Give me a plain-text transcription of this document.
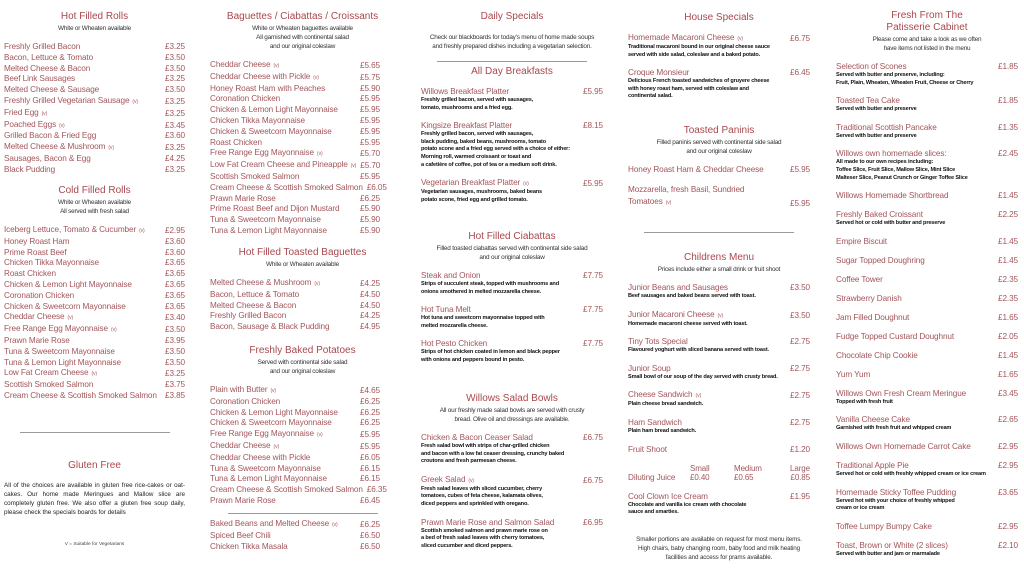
Hot Filled Rolls
White or Wheaten available
Freshly Grilled Bacon	£3.25
Bacon, Lettuce & Tomato	£3.50
Melted Cheese & Bacon	£3.50
Beef Link Sausages	£3.25
Melted Cheese & Sausage	£3.50
Freshly Grilled Vegetarian Sausage (v)	£3.25
Fried Egg (v)	£3.25
Poached Eggs (v)	£3.45
Grilled Bacon & Fried Egg	£3.60
Melted Cheese & Mushroom (v)	£3.25
Sausages, Bacon & Egg	£4.25
Black Pudding	£3.25
Cold Filled Rolls
White or Wheaten available
All served with fresh salad
Iceberg Lettuce, Tomato & Cucumber (v) £2.95
Honey Roast Ham	£3.60
Prime Roast Beef	£3.60
Chicken Tikka Mayonnaise	£3.65
Roast Chicken	£3.65
Chicken & Lemon Light Mayonnaise	£3.65
Coronation Chicken	£3.65
Chicken & Sweetcorn Mayonnaise	£3.65
Cheddar Cheese (v)	£3.40
Free Range Egg Mayonnaise (v)	£3.50
Prawn Marie Rose	£3.95
Tuna & Sweetcorn Mayonnaise	£3.50
Tuna & Lemon Light Mayonnaise	£3.50
Low Fat Cream Cheese (v)	£3.25
Scottish Smoked Salmon	£3.75
Cream Cheese & Scottish Smoked Salmon £3.85
Gluten Free
All of the choices are available in gluten free rice-cakes or oat-cakes. Our home made Meringues and Mallow slice are completely gluten free. We also offer a gluten free soup daily, please check the specials boards for details
V = Suitable for Vegetarians
Baguettes / Ciabattas / Croissants
White or Wheaten baguettes available
All garnished with continental salad
and our original coleslaw
Cheddar Cheese (v)	£5.65
Cheddar Cheese with Pickle (v)	£5.75
Honey Roast Ham with Peaches	£5.90
Coronation Chicken	£5.95
Chicken & Lemon Light Mayonnaise	£5.95
Chicken Tikka Mayonnaise	£5.95
Chicken & Sweetcorn Mayonnaise	£5.95
Roast Chicken	£5.95
Free Range Egg Mayonnaise (v)	£5.70
Low Fat Cream Cheese and Pineapple (v) £5.70
Scottish Smoked Salmon	£5.95
Cream Cheese & Scottish Smoked Salmon £6.05
Prawn Marie Rose	£6.25
Prime Roast Beef and Dijon Mustard	£5.90
Tuna & Sweetcorn Mayonnaise	£5.90
Tuna & Lemon Light Mayonnaise	£5.90
Hot Filled Toasted Baguettes
White or Wheaten available
Melted Cheese & Mushroom (v)	£4.25
Bacon, Lettuce & Tomato	£4.50
Melted Cheese & Bacon	£4.50
Freshly Grilled Bacon	£4.25
Bacon, Sausage & Black Pudding	£4.95
Freshly Baked Potatoes
Served with continental side salad
and our original coleslaw
Plain with Butter (v)	£4.65
Coronation Chicken	£6.25
Chicken & Lemon Light Mayonnaise	£6.25
Chicken & Sweetcorn Mayonnaise	£6.25
Free Range Egg Mayonnaise (v)	£5.95
Cheddar Cheese (v)	£5.95
Cheddar Cheese with Pickle	£6.05
Tuna & Sweetcorn Mayonnaise	£6.15
Tuna & Lemon Light Mayonnaise	£6.15
Cream Cheese & Scottish Smoked Salmon £6.35
Prawn Marie Rose	£6.45
Baked Beans and Melted Cheese (v)	£6.25
Spiced Beef Chili	£6.50
Chicken Tikka Masala	£6.50
Daily Specials
Check our blackboards for today's menu of home made soups
and freshly prepared dishes including a vegetarian selection.
All Day Breakfasts
Willows Breakfast Platter	£5.95
Freshly grilled bacon, served with sausages,
tomato, mushrooms and a fried egg.
Kingsize Breakfast Platter	£8.15
Freshly grilled bacon, served with sausages,
black pudding, baked beans, mushrooms, tomato
potato scone and a fried egg served with a choice of either:
Morning roll, warmed croissant or toast and
a cafetière of coffee, pot of tea or a medium soft drink.
Vegetarian Breakfast Platter (v)	£5.95
Vegetarian sausages, mushrooms, baked beans
potato scone, fried egg and grilled tomato.
Hot Filled Ciabattas
Filled toasted ciabattas served with continental side salad
and our original coleslaw
Steak and Onion	£7.75
Strips of succulent steak, topped with mushrooms and
onions smothered in melted mozzarella cheese.
Hot Tuna Melt	£7.75
Hot tuna and sweetcorn mayonnaise topped with
melted mozzarella cheese.
Hot Pesto Chicken	£7.75
Strips of hot chicken coated in lemon and black pepper
with onions and peppers bound in pesto.
Willows Salad Bowls
All our freshly made salad bowls are served with crusty
bread. Olive oil and dressings are available.
Chicken & Bacon Ceaser Salad	£6.75
Fresh salad bowl with strips of char-grilled chicken
and bacon with a low fat ceaser dressing, crunchy baked
croutons and fresh parmesan cheese.
Greek Salad (v)	£6.75
Fresh salad leaves with sliced cucumber, cherry
tomatoes, cubes of feta cheese, kalamata olives,
diced peppers and sprinkled with oregano.
Prawn Marie Rose and Salmon Salad	£6.95
Scottish smoked salmon and prawn marie rose on
a bed of fresh salad leaves with cherry tomatoes,
sliced cucumber and diced peppers.
House Specials
Homemade Macaroni Cheese (v)	£6.75
Traditional macaroni bound in our original cheese sauce
served with side salad, coleslaw and a baked potato.
Croque Monsieur	£6.45
Delicious French toasted sandwiches of gruyere cheese
with honey roast ham, served with coleslaw and
continental salad.
Toasted Paninis
Filled paninis served with continental side salad
and our original coleslaw
Honey Roast Ham & Cheddar Cheese	£5.95
Mozzarella, fresh Basil, Sundried Tomatoes (v)	£5.95
Childrens Menu
Prices include either a small drink or fruit shoot
Junior Beans and Sausages	£3.50
Beef sausages and baked beans served with toast.
Junior Macaroni Cheese (v)	£3.50
Homemade macaroni cheese served with toast.
Tiny Tots Special	£2.75
Flavoured yoghurt with sliced banana served with toast.
Junior Soup	£2.75
Small bowl of our soup of the day served with crusty bread.
Cheese Sandwich (v)	£2.75
Plain cheese bread sandwich.
Ham Sandwich	£2.75
Plain ham bread sandwich.
Fruit Shoot	£1.20
Small	Medium	Large
Diluting Juice	£0.40	£0.65	£0.85
Cool Clown Ice Cream	£1.95
Chocolate and vanilla ice cream with chocolate
sauce and smarties.
Smaller portions are available on request for most menu items.
High chairs, baby changing room, baby food and milk heating
facilities and access for prams available.
Fresh From The
Patisserie Cabinet
Please come and take a look as we often
have items not listed in the menu
Selection of Scones	£1.85
Served with butter and preserve, including:
Fruit, Plain, Wheaten, Wheaten Fruit, Cheese or Cherry
Toasted Tea Cake	£1.85
Served with butter and preserve
Traditional Scottish Pancake	£1.35
Served with butter and preserve
Willows own homemade slices:	£2.45
All made to our own recipes including:
Toffee Slice, Fruit Slice, Mallow Slice, Mint Slice
Malteser Slice, Peanut Crunch or Ginger Toffee Slice
Willows Homemade Shortbread	£1.45
Freshly Baked Croissant	£2.25
Served hot or cold with butter and preserve
Empire Biscuit	£1.45
Sugar Topped Doughring	£1.45
Coffee Tower	£2.35
Strawberry Danish	£2.35
Jam Filled Doughnut	£1.65
Fudge Topped Custard Doughnut	£2.05
Chocolate Chip Cookie	£1.45
Yum Yum	£1.65
Willows Own Fresh Cream Meringue	£3.45
Topped with fresh fruit
Vanilla Cheese Cake	£2.65
Garnished with fresh fruit and whipped cream
Willows Own Homemade Carrot Cake	£2.95
Traditional Apple Pie	£2.95
Served hot or cold with freshly whipped cream or ice cream
Homemade Sticky Toffee Pudding	£3.65
Served hot with your choice of freshly whipped
cream or ice cream
Toffee Lumpy Bumpy Cake	£2.95
Toast, Brown or White (2 slices)	£2.10
Served with butter and jam or marmalade
